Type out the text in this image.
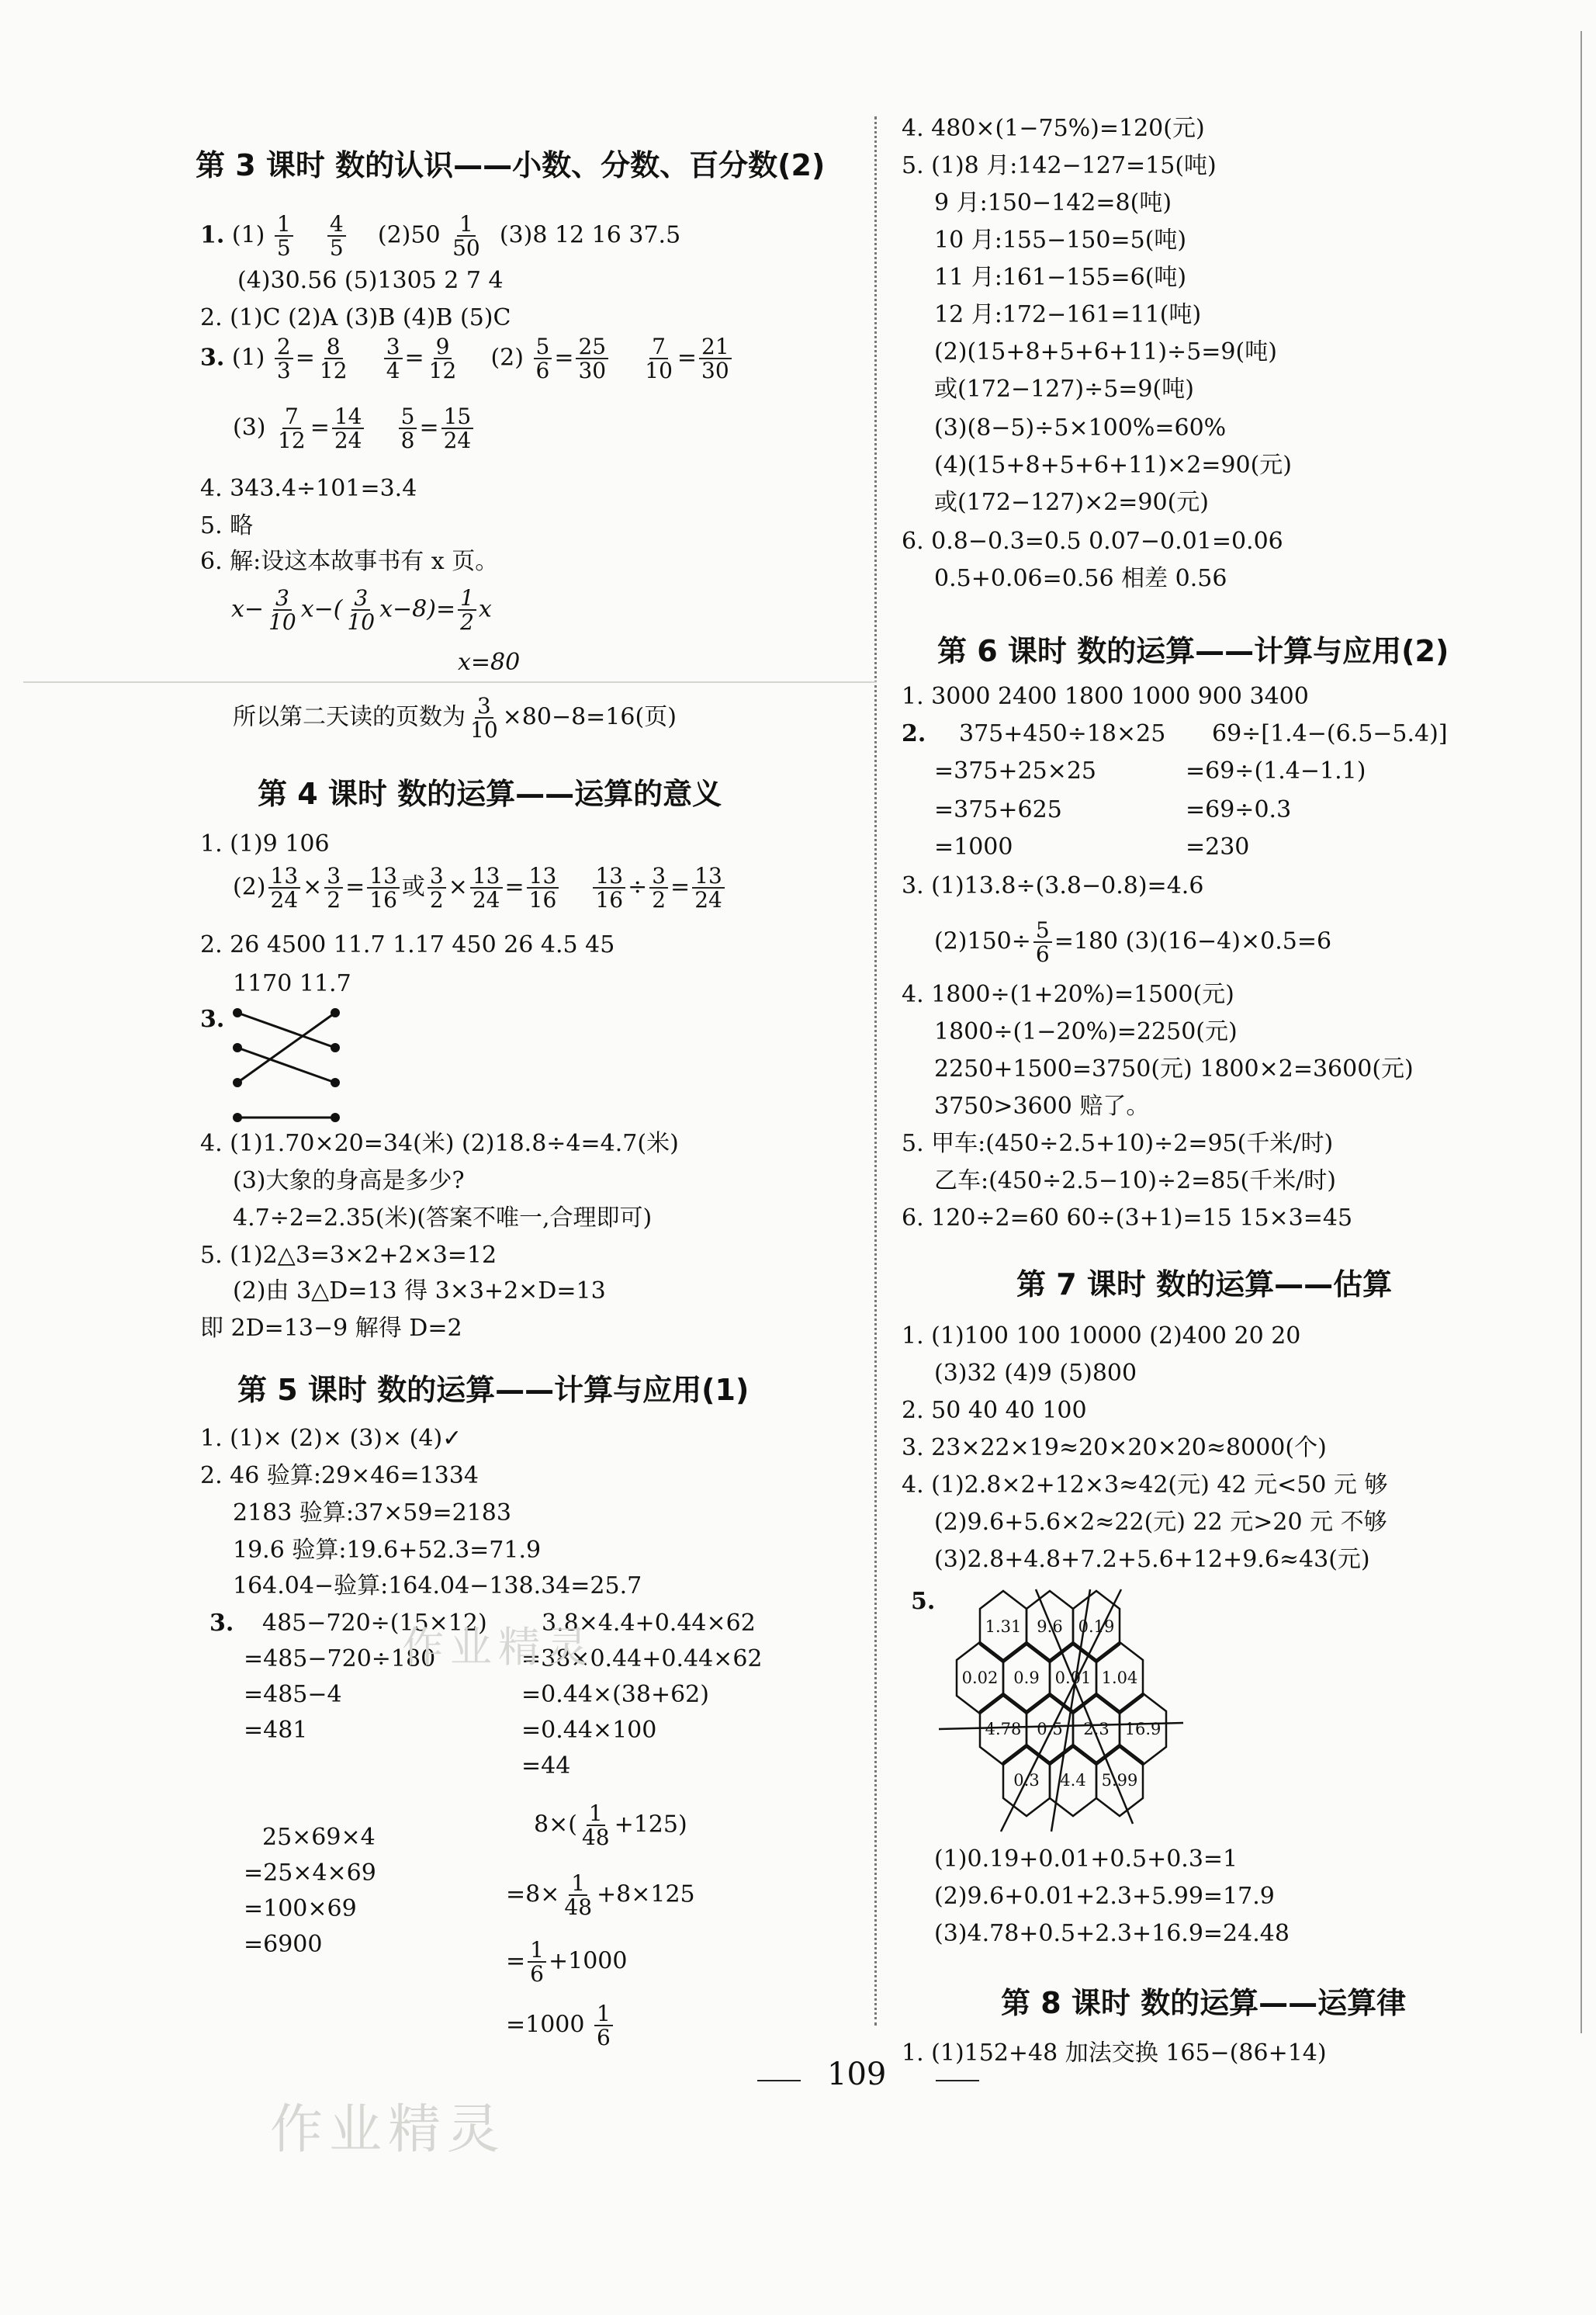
第 3 课时 数的认识——小数、分数、百分数(2)
1. $(1) \frac{1}{5}$
$\frac{4}{5} (2)50 \frac{1}{50} (3)8$ 12 16 37.5
(4)30.56 (5)1305 2 7 4
2. (1)C (2)A (3)B (4)B (5)C
3. $(1) \frac{2}{3} = \frac{8}{12}$
$\frac{3}{4} = \frac{9}{12} (2) \frac{5}{6} = \frac{25}{30}$
$\frac{7}{10} = \frac{21}{30}$
$(3) \frac{7}{12} = \frac{14}{24}$
$\frac{5}{8} = \frac{15}{24}$
4. 343.4÷101=3.4
5. 略
6. 解:设这本故事书有 x 页。
$x- \frac{3}{10} x-( \frac{3}{10} x-8)= \frac{1}{2}$ x
x=80
所以第二天读的页数为 $\frac{3}{10} \times 80-8=16$(页)
第 4 课时 数的运算——运算的意义
1. (1)9 106
$(2) \frac{13}{24} \times \frac{3}{2} = \frac{13}{16}$ 或 $\frac{3}{2} \times \frac{13}{24} = \frac{13}{16}$
$\frac{13}{16} \div \frac{3}{2} = \frac{13}{24}$
2. 26 4500 11.7 1.17 450 26 4.5 45
1170 11.7
3.
4. (1)1.70×20=34(米) (2)18.8÷4=4.7(米)
(3)大象的身高是多少?
4.7÷2=2.35(米)(答案不唯一,合理即可)
5. (1)2△3=3×2+2×3=12
(2)由 3△D=13 得 3×3+2×D=13
即 2D=13−9 解得 D=2
第 5 课时 数的运算——计算与应用(1)
1. (1)× (2)× (3)× (4)✓
2. 46 验算:29×46=1334
2183 验算:37×59=2183
19.6 验算:19.6+52.3=71.9
164.04−验算:164.04−138.34=25.7
3. 485−720÷(15×12)
=485−720÷180
=485−4
=481
3.8×4.4+0.44×62
=38×0.44+0.44×62
=0.44×(38+62)
=0.44×100
=44
25×69×4
=25×4×69
=100×69
=6900
$8\times( \frac{1}{48} +125)$
$=8\times \frac{1}{48} +8\times 125$
= $\frac{1}{6} +1000$
$=1000 \frac{1}{6}$
作业精灵
作业精灵
4. 480×(1−75%)=120(元)
5. (1)8 月:142−127=15(吨)
9 月:150−142=8(吨)
10 月:155−150=5(吨)
11 月:161−155=6(吨)
12 月:172−161=11(吨)
(2)(15+8+5+6+11)÷5=9(吨)
或(172−127)÷5=9(吨)
(3)(8−5)÷5×100%=60%
(4)(15+8+5+6+11)×2=90(元)
或(172−127)×2=90(元)
6. 0.8−0.3=0.5 0.07−0.01=0.06
0.5+0.06=0.56 相差 0.56
第 6 课时 数的运算——计算与应用(2)
1. 3000 2400 1800 1000 900 3400
2. 375+450÷18×25
=375+25×25
=375+625
=1000
69÷[1.4−(6.5−5.4)]
=69÷(1.4−1.1)
=69÷0.3
=230
3. (1)13.8÷(3.8−0.8)=4.6
$(2)150\div \frac{5}{6} =180$ (3)(16−4)×0.5=6
4. 1800÷(1+20%)=1500(元)
1800÷(1−20%)=2250(元)
2250+1500=3750(元) 1800×2=3600(元)
3750>3600 赔了。
5. 甲车:(450÷2.5+10)÷2=95(千米/时)
乙车:(450÷2.5−10)÷2=85(千米/时)
6. 120÷2=60 60÷(3+1)=15 15×3=45
第 7 课时 数的运算——估算
1. (1)100 100 10000 (2)400 20 20
(3)32 (4)9 (5)800
2. 50 40 40 100
3. 23×22×19≈20×20×20≈8000(个)
4. (1)2.8×2+12×3≈42(元) 42 元<50 元 够
(2)9.6+5.6×2≈22(元) 22 元>20 元 不够
(3)2.8+4.8+7.2+5.6+12+9.6≈43(元)
5.
1.31 9.6 0.19
0.02 0.9 0.01 1.04
4.78 0.5 2.3 16.9
0.3 4.4 5.99
(1)0.19+0.01+0.5+0.3=1
(2)9.6+0.01+2.3+5.99=17.9
(3)4.78+0.5+2.3+16.9=24.48
第 8 课时 数的运算——运算律
1. (1)152+48 加法交换 165−(86+14)
109
